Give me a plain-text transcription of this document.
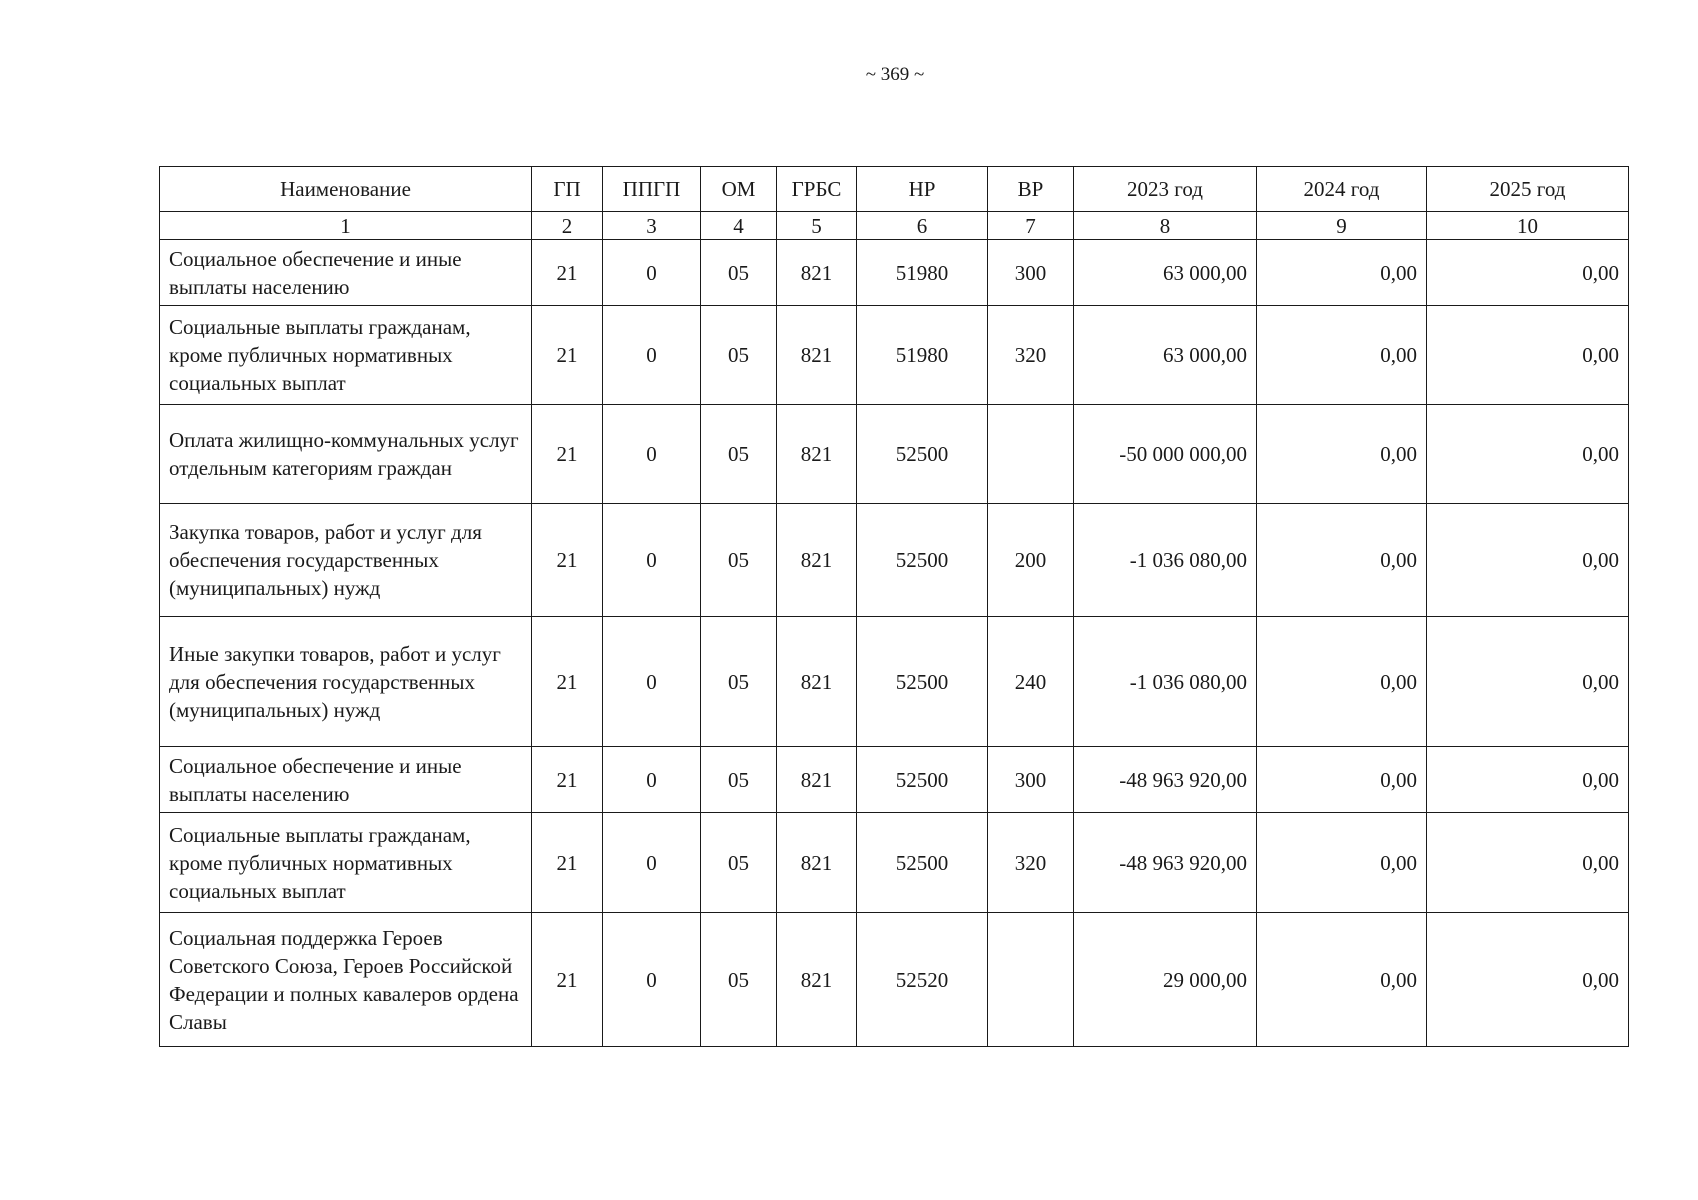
~ 369 ~
Наименование	ГП	ППГП	ОМ	ГРБС	НР	ВР	2023 год	2024 год	2025 год
1	2	3	4	5	6	7	8	9	10
Социальное обеспечение и иные выплаты населению	21	0	05	821	51980	300	63 000,00	0,00	0,00
Социальные выплаты гражданам, кроме публичных нормативных социальных выплат	21	0	05	821	51980	320	63 000,00	0,00	0,00
Оплата жилищно-коммунальных услуг отдельным категориям граждан	21	0	05	821	52500		-50 000 000,00	0,00	0,00
Закупка товаров, работ и услуг для обеспечения государственных (муниципальных) нужд	21	0	05	821	52500	200	-1 036 080,00	0,00	0,00
Иные закупки товаров, работ и услуг для обеспечения государственных (муниципальных) нужд	21	0	05	821	52500	240	-1 036 080,00	0,00	0,00
Социальное обеспечение и иные выплаты населению	21	0	05	821	52500	300	-48 963 920,00	0,00	0,00
Социальные выплаты гражданам, кроме публичных нормативных социальных выплат	21	0	05	821	52500	320	-48 963 920,00	0,00	0,00
Социальная поддержка Героев Советского Союза, Героев Российской Федерации и полных кавалеров ордена Славы	21	0	05	821	52520		29 000,00	0,00	0,00
